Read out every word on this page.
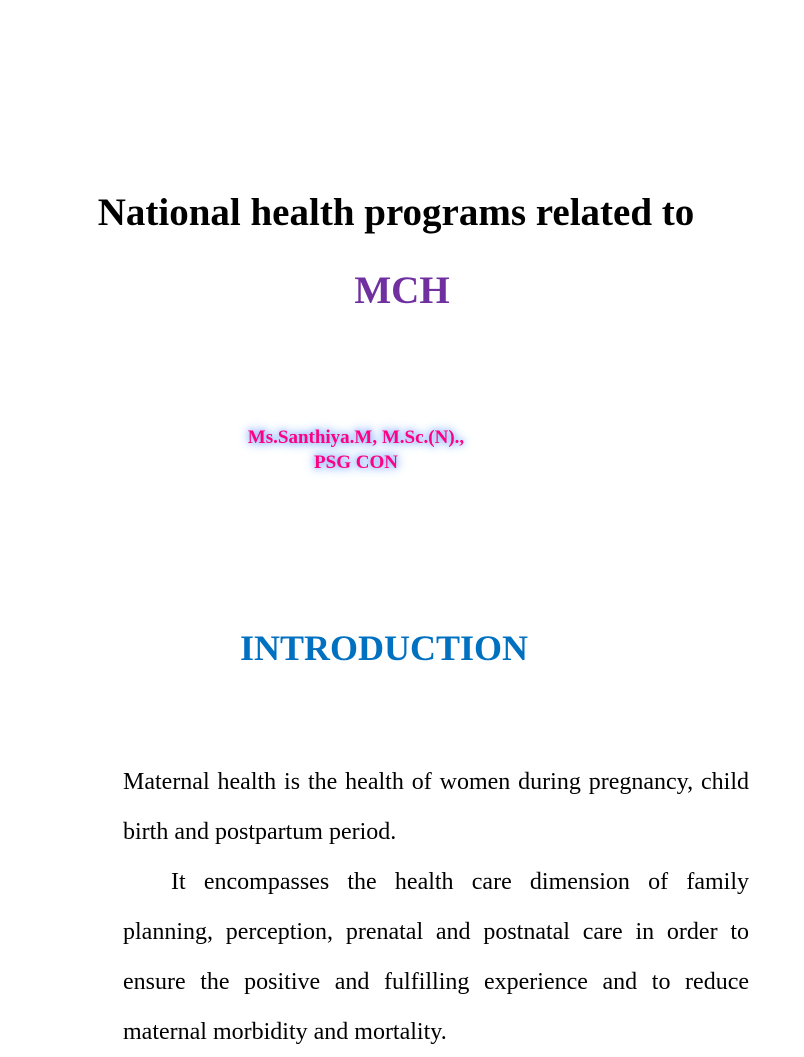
National health programs related to
MCH
Ms.Santhiya.M, M.Sc.(N).,
PSG CON
INTRODUCTION

Maternal health is the health of women during pregnancy, child birth and postpartum period.

It encompasses the health care dimension of family planning, perception, prenatal and postnatal care in order to ensure the positive and fulfilling experience and to reduce maternal morbidity and mortality.
